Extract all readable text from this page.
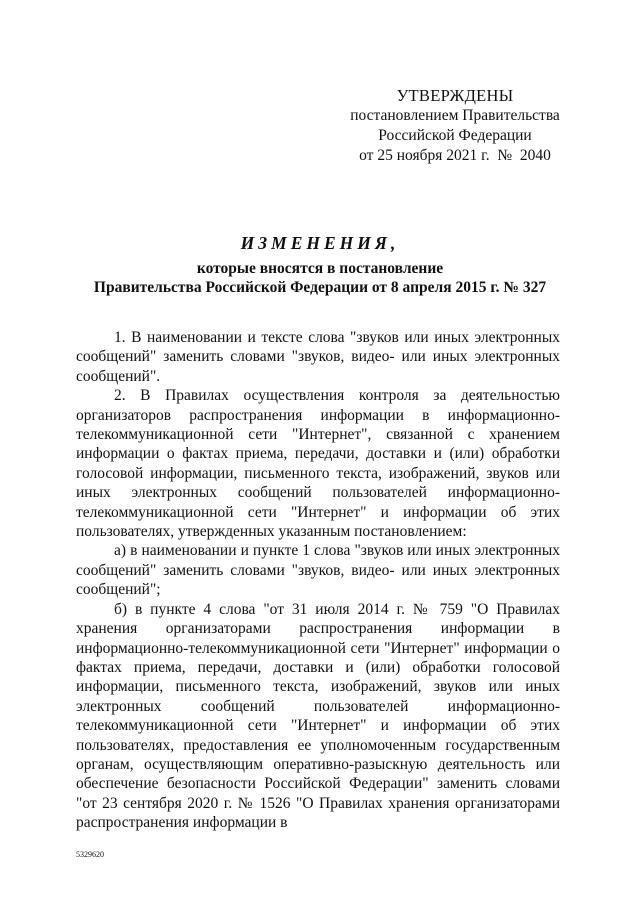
УТВЕРЖДЕНЫ
постановлением Правительства
Российской Федерации
от 25 ноября 2021 г.  №  2040
ИЗМЕНЕНИЯ,
которые вносятся в постановление
Правительства Российской Федерации от 8 апреля 2015 г. № 327

1. В наименовании и тексте слова "звуков или иных электронных сообщений" заменить словами "звуков, видео- или иных электронных сообщений".

2. В Правилах осуществления контроля за деятельностью организаторов распространения информации в информационно-телекоммуникационной сети "Интернет", связанной с хранением информации о фактах приема, передачи, доставки и (или) обработки голосовой информации, письменного текста, изображений, звуков или иных электронных сообщений пользователей информационно-телекоммуникационной сети "Интернет" и информации об этих пользователях, утвержденных указанным постановлением:

а) в наименовании и пункте 1 слова "звуков или иных электронных сообщений" заменить словами "звуков, видео- или иных электронных сообщений";

б) в пункте 4 слова "от 31 июля 2014 г. № 759 "О Правилах хранения организаторами распространения информации в информационно-телекоммуникационной сети "Интернет" информации о фактах приема, передачи, доставки и (или) обработки голосовой информации, письменного текста, изображений, звуков или иных электронных сообщений пользователей информационно-телекоммуникационной сети "Интернет" и информации об этих пользователях, предоставления ее уполномоченным государственным органам, осуществляющим оперативно-разыскную деятельность или обеспечение безопасности Российской Федерации" заменить словами "от 23 сентября 2020 г. № 1526 "О Правилах хранения организаторами распространения информации в

5329620
